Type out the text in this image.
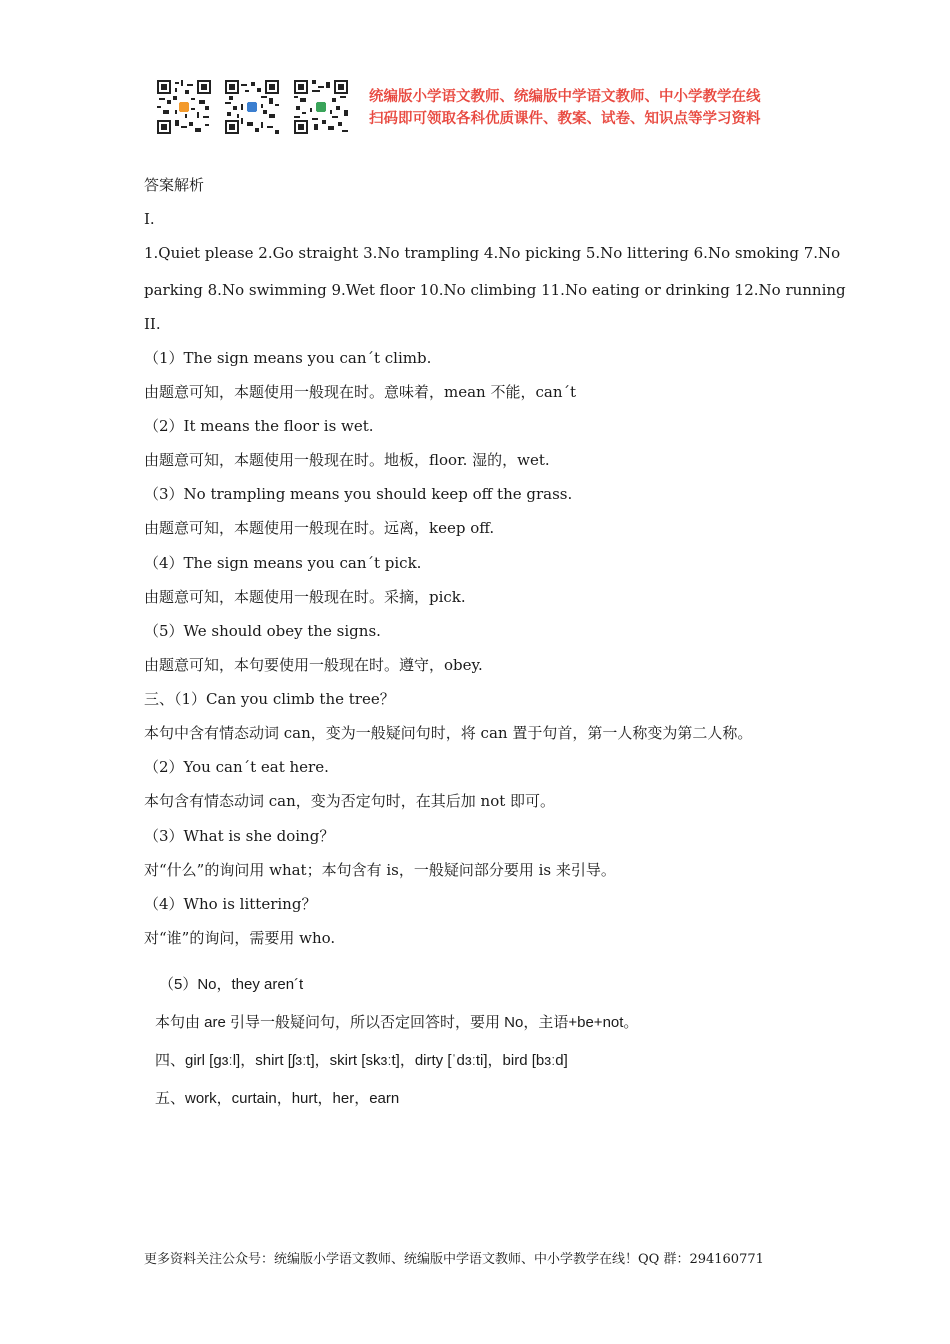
统编版小学语文教师、统编版中学语文教师、中小学教学在线
扫码即可领取各科优质课件、教案、试卷、知识点等学习资料
答案解析
I.
1.Quiet please 2.Go straight 3.No trampling 4.No picking 5.No littering 6.No smoking 7.No
parking 8.No swimming 9.Wet floor 10.No climbing 11.No eating or drinking 12.No running
II.
（1）The sign means you can´t climb.
由题意可知，本题使用一般现在时。意味着，mean 不能，can´t
（2）It means the floor is wet.
由题意可知，本题使用一般现在时。地板，floor. 湿的，wet.
（3）No trampling means you should keep off the grass.
由题意可知，本题使用一般现在时。远离，keep off.
（4）The sign means you can´t pick.
由题意可知，本题使用一般现在时。采摘，pick.
（5）We should obey the signs.
由题意可知，本句要使用一般现在时。遵守，obey.
三、（1）Can you climb the tree？
本句中含有情态动词 can，变为一般疑问句时，将 can 置于句首，第一人称变为第二人称。
（2）You can´t eat here.
本句含有情态动词 can，变为否定句时，在其后加 not 即可。
（3）What is she doing？
对“什么”的询问用 what；本句含有 is，一般疑问部分要用 is 来引导。
（4）Who is littering？
对“谁”的询问，需要用 who.
（5）No，they aren´t
本句由 are 引导一般疑问句，所以否定回答时，要用 No，主语+be+not。
四、girl [gɜːl]，shirt [ʃɜːt]，skirt [skɜːt]，dirty [ˈdɜːti]，bird [bɜːd]
五、work，curtain，hurt，her，earn
更多资料关注公众号：统编版小学语文教师、统编版中学语文教师、中小学教学在线！QQ 群：294160771
